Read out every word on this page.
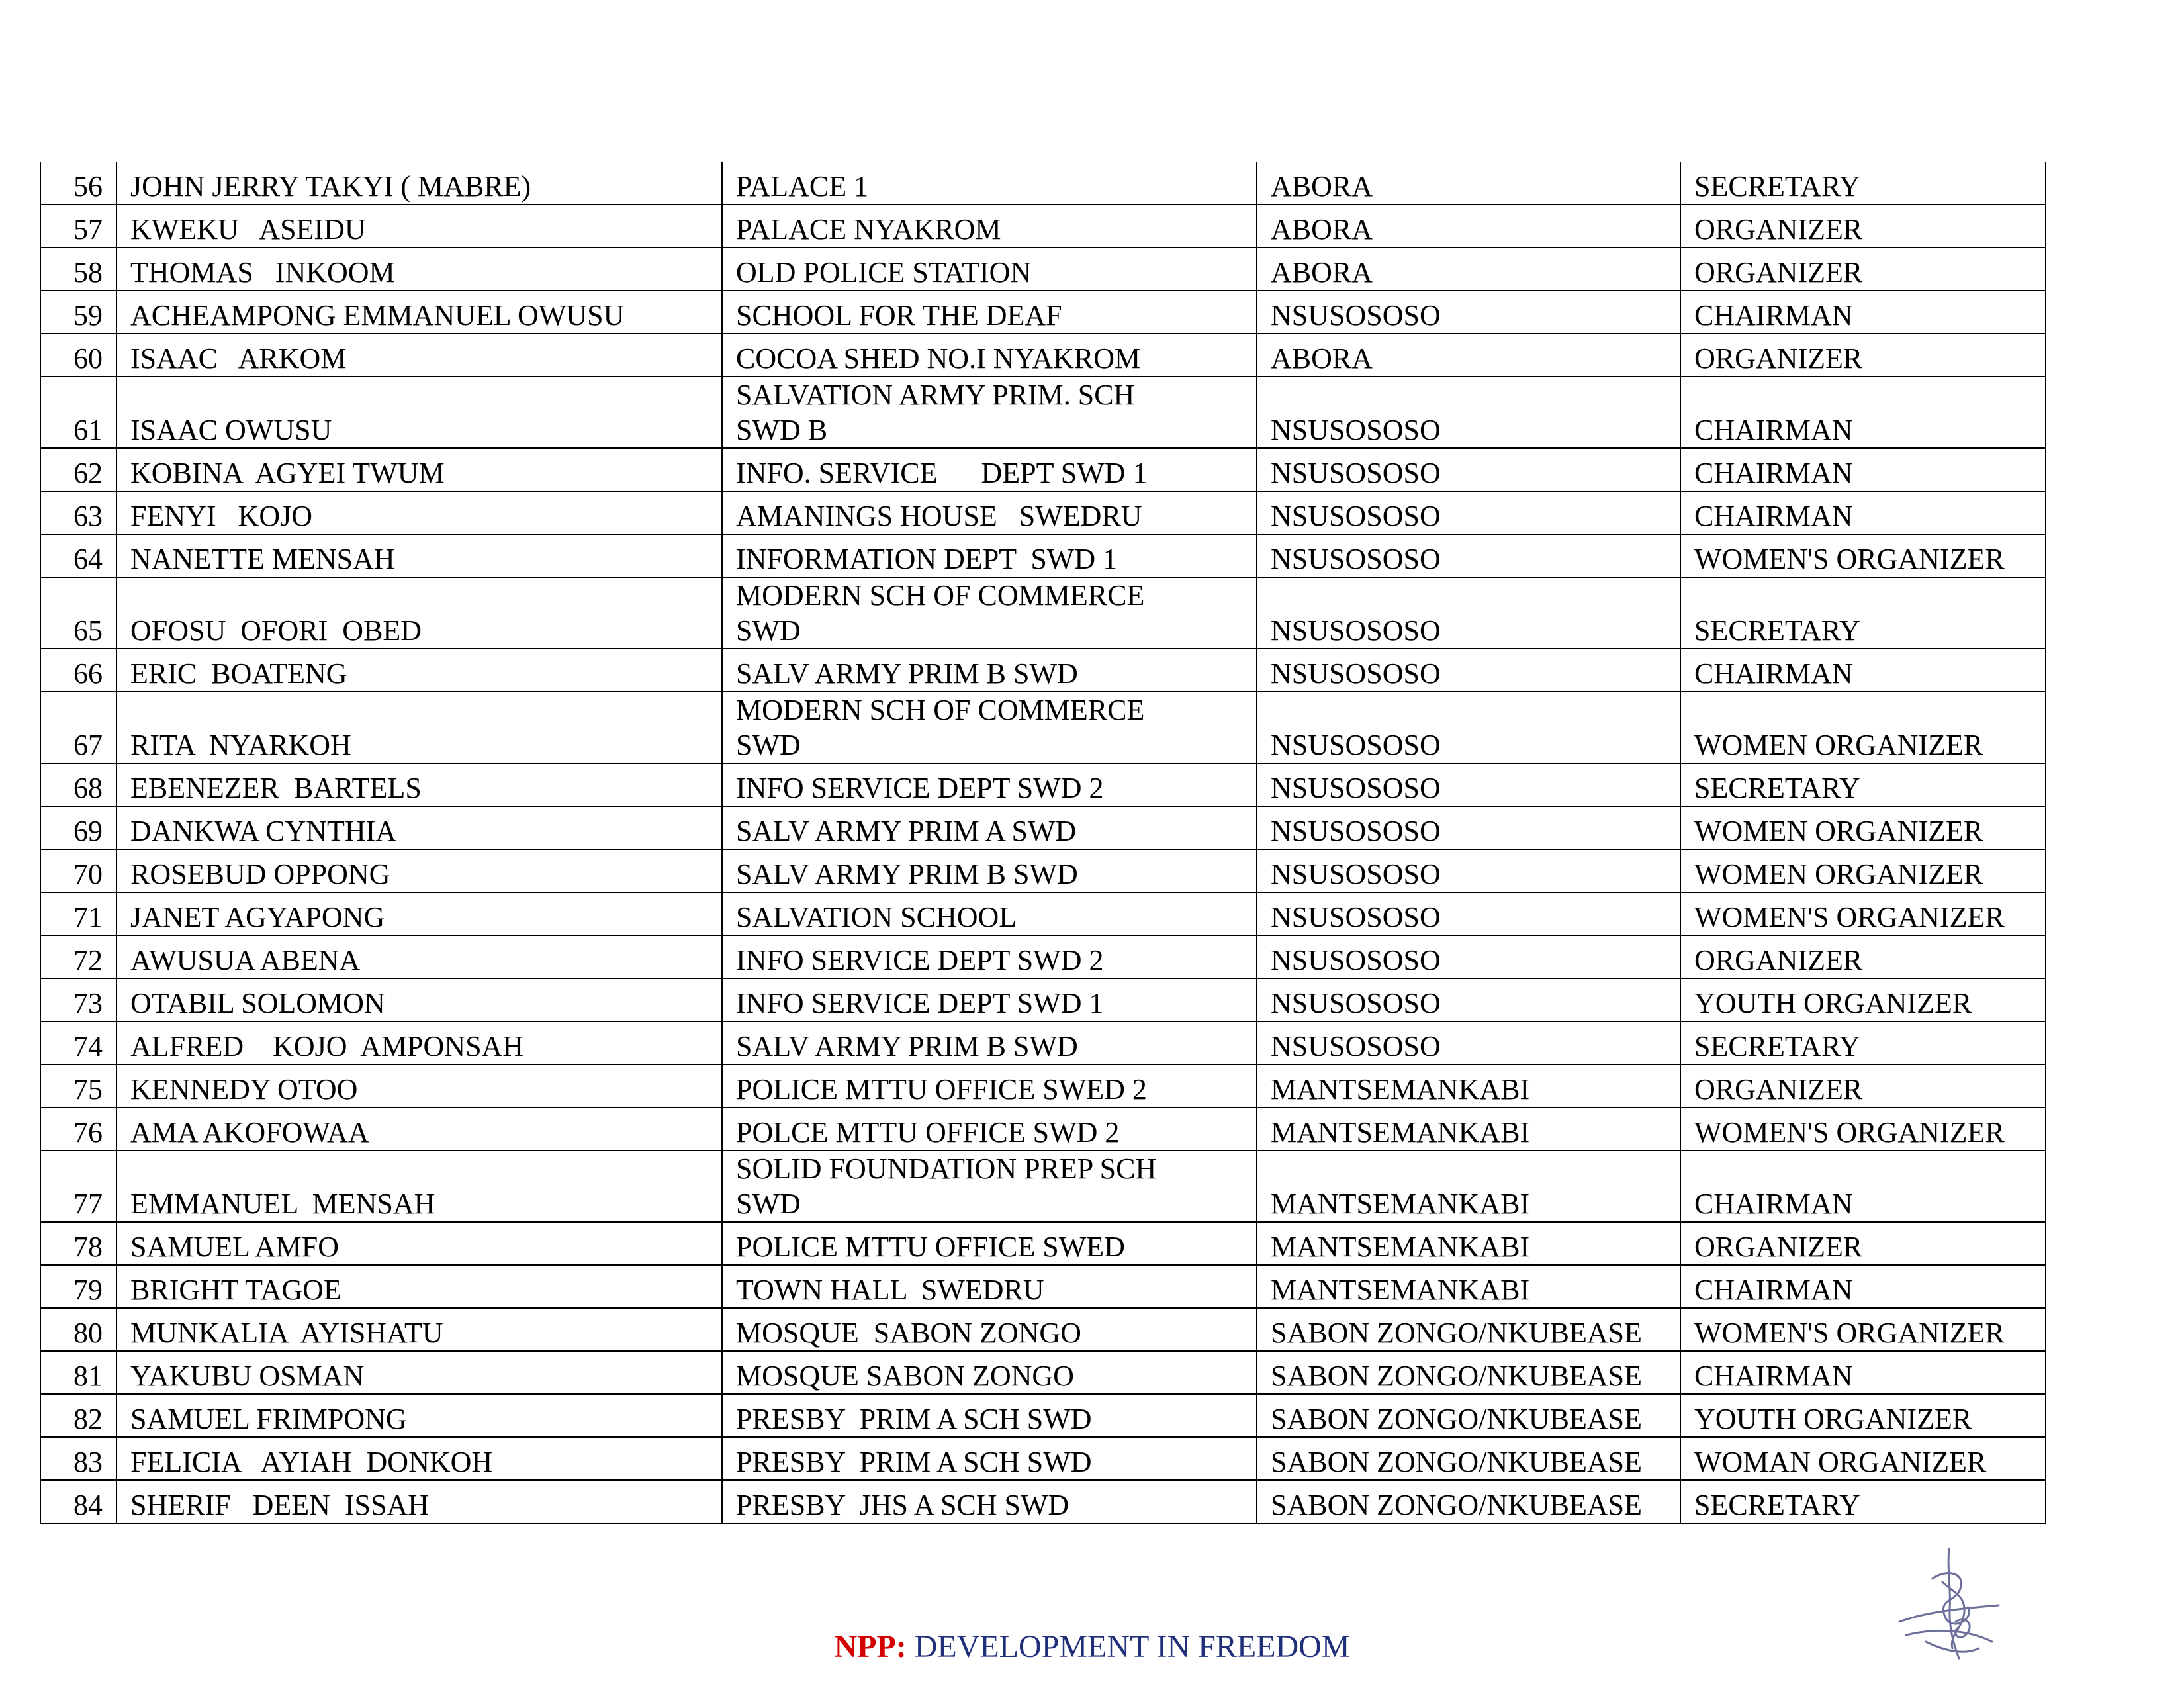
56	JOHN JERRY TAKYI ( MABRE)	PALACE 1	ABORA	SECRETARY
57	KWEKU   ASEIDU	PALACE NYAKROM	ABORA	ORGANIZER
58	THOMAS   INKOOM	OLD POLICE STATION	ABORA	ORGANIZER
59	ACHEAMPONG EMMANUEL OWUSU	SCHOOL FOR THE DEAF	NSUSOSOSO	CHAIRMAN
60	ISAAC   ARKOM	COCOA SHED NO.I NYAKROM	ABORA	ORGANIZER
61	ISAAC OWUSU	SALVATION ARMY PRIM. SCH
SWD B	NSUSOSOSO	CHAIRMAN
62	KOBINA  AGYEI TWUM	INFO. SERVICE      DEPT SWD 1	NSUSOSOSO	CHAIRMAN
63	FENYI   KOJO	AMANINGS HOUSE   SWEDRU	NSUSOSOSO	CHAIRMAN
64	NANETTE MENSAH	INFORMATION DEPT  SWD 1	NSUSOSOSO	WOMEN'S ORGANIZER
65	OFOSU  OFORI  OBED	MODERN SCH OF COMMERCE
SWD	NSUSOSOSO	SECRETARY
66	ERIC  BOATENG	SALV ARMY PRIM B SWD	NSUSOSOSO	CHAIRMAN
67	RITA  NYARKOH	MODERN SCH OF COMMERCE
SWD	NSUSOSOSO	WOMEN ORGANIZER
68	EBENEZER  BARTELS	INFO SERVICE DEPT SWD 2	NSUSOSOSO	SECRETARY
69	DANKWA CYNTHIA	SALV ARMY PRIM A SWD	NSUSOSOSO	WOMEN ORGANIZER
70	ROSEBUD OPPONG	SALV ARMY PRIM B SWD	NSUSOSOSO	WOMEN ORGANIZER
71	JANET AGYAPONG	SALVATION SCHOOL	NSUSOSOSO	WOMEN'S ORGANIZER
72	AWUSUA ABENA	INFO SERVICE DEPT SWD 2	NSUSOSOSO	ORGANIZER
73	OTABIL SOLOMON	INFO SERVICE DEPT SWD 1	NSUSOSOSO	YOUTH ORGANIZER
74	ALFRED    KOJO  AMPONSAH	SALV ARMY PRIM B SWD	NSUSOSOSO	SECRETARY
75	KENNEDY OTOO	POLICE MTTU OFFICE SWED 2	MANTSEMANKABI	ORGANIZER
76	AMA AKOFOWAA	POLCE MTTU OFFICE SWD 2	MANTSEMANKABI	WOMEN'S ORGANIZER
77	EMMANUEL  MENSAH	SOLID FOUNDATION PREP SCH
SWD	MANTSEMANKABI	CHAIRMAN
78	SAMUEL AMFO	POLICE MTTU OFFICE SWED	MANTSEMANKABI	ORGANIZER
79	BRIGHT TAGOE	TOWN HALL  SWEDRU	MANTSEMANKABI	CHAIRMAN
80	MUNKALIA  AYISHATU	MOSQUE  SABON ZONGO	SABON ZONGO/NKUBEASE	WOMEN'S ORGANIZER
81	YAKUBU OSMAN	MOSQUE SABON ZONGO	SABON ZONGO/NKUBEASE	CHAIRMAN
82	SAMUEL FRIMPONG	PRESBY  PRIM A SCH SWD	SABON ZONGO/NKUBEASE	YOUTH ORGANIZER
83	FELICIA   AYIAH  DONKOH	PRESBY  PRIM A SCH SWD	SABON ZONGO/NKUBEASE	WOMAN ORGANIZER
84	SHERIF   DEEN  ISSAH	PRESBY  JHS A SCH SWD	SABON ZONGO/NKUBEASE	SECRETARY
NPP: DEVELOPMENT IN FREEDOM
